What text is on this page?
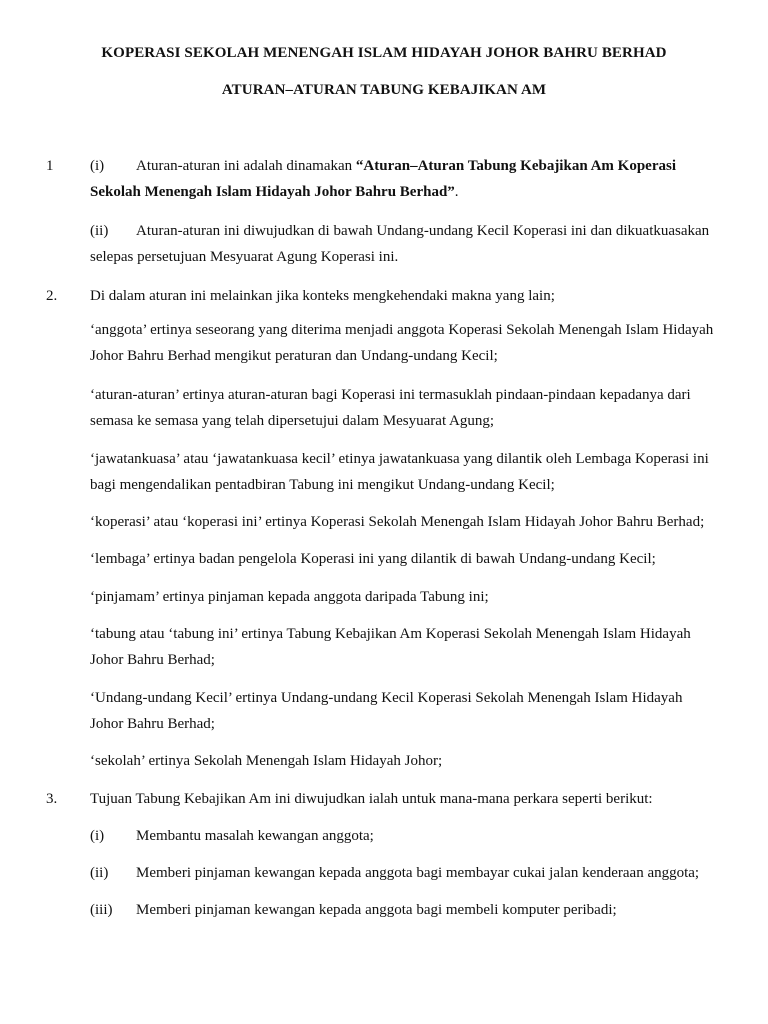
KOPERASI SEKOLAH MENENGAH ISLAM HIDAYAH JOHOR BAHRU BERHAD
ATURAN–ATURAN TABUNG KEBAJIKAN AM
1	(i)	Aturan-aturan ini adalah dinamakan “Aturan–Aturan Tabung Kebajikan Am Koperasi
Sekolah Menengah Islam Hidayah Johor Bahru Berhad”.
(ii)	Aturan-aturan ini diwujudkan di bawah Undang-undang Kecil Koperasi ini dan dikuatkuasakan
selepas persetujuan Mesyuarat Agung Koperasi ini.
2.	Di dalam aturan ini melainkan jika konteks mengkehendaki makna yang lain;
‘anggota’ ertinya seseorang yang diterima menjadi anggota Koperasi Sekolah Menengah Islam Hidayah
Johor Bahru Berhad mengikut peraturan dan Undang-undang Kecil;
‘aturan-aturan’ ertinya aturan-aturan bagi Koperasi ini termasuklah pindaan-pindaan kepadanya dari
semasa ke semasa yang telah dipersetujui dalam Mesyuarat Agung;
‘jawatankuasa’ atau ‘jawatankuasa kecil’ etinya jawatankuasa yang dilantik oleh Lembaga Koperasi ini
bagi mengendalikan pentadbiran Tabung ini mengikut Undang-undang Kecil;
‘koperasi’ atau ‘koperasi ini’ ertinya Koperasi Sekolah Menengah Islam Hidayah Johor Bahru Berhad;
‘lembaga’ ertinya badan pengelola Koperasi ini yang dilantik di bawah Undang-undang Kecil;
‘pinjamam’ ertinya pinjaman kepada anggota daripada Tabung ini;
‘tabung atau ‘tabung ini’ ertinya Tabung Kebajikan Am Koperasi Sekolah Menengah Islam Hidayah
Johor Bahru Berhad;
‘Undang-undang Kecil’ ertinya Undang-undang Kecil Koperasi Sekolah Menengah Islam Hidayah
Johor Bahru Berhad;
‘sekolah’ ertinya Sekolah Menengah Islam Hidayah Johor;
3.	Tujuan Tabung Kebajikan Am ini diwujudkan ialah untuk mana-mana perkara seperti berikut:
(i)	Membantu masalah kewangan anggota;
(ii)	Memberi pinjaman kewangan kepada anggota bagi membayar cukai jalan kenderaan anggota;
(iii)	Memberi pinjaman kewangan kepada anggota bagi membeli komputer peribadi;
